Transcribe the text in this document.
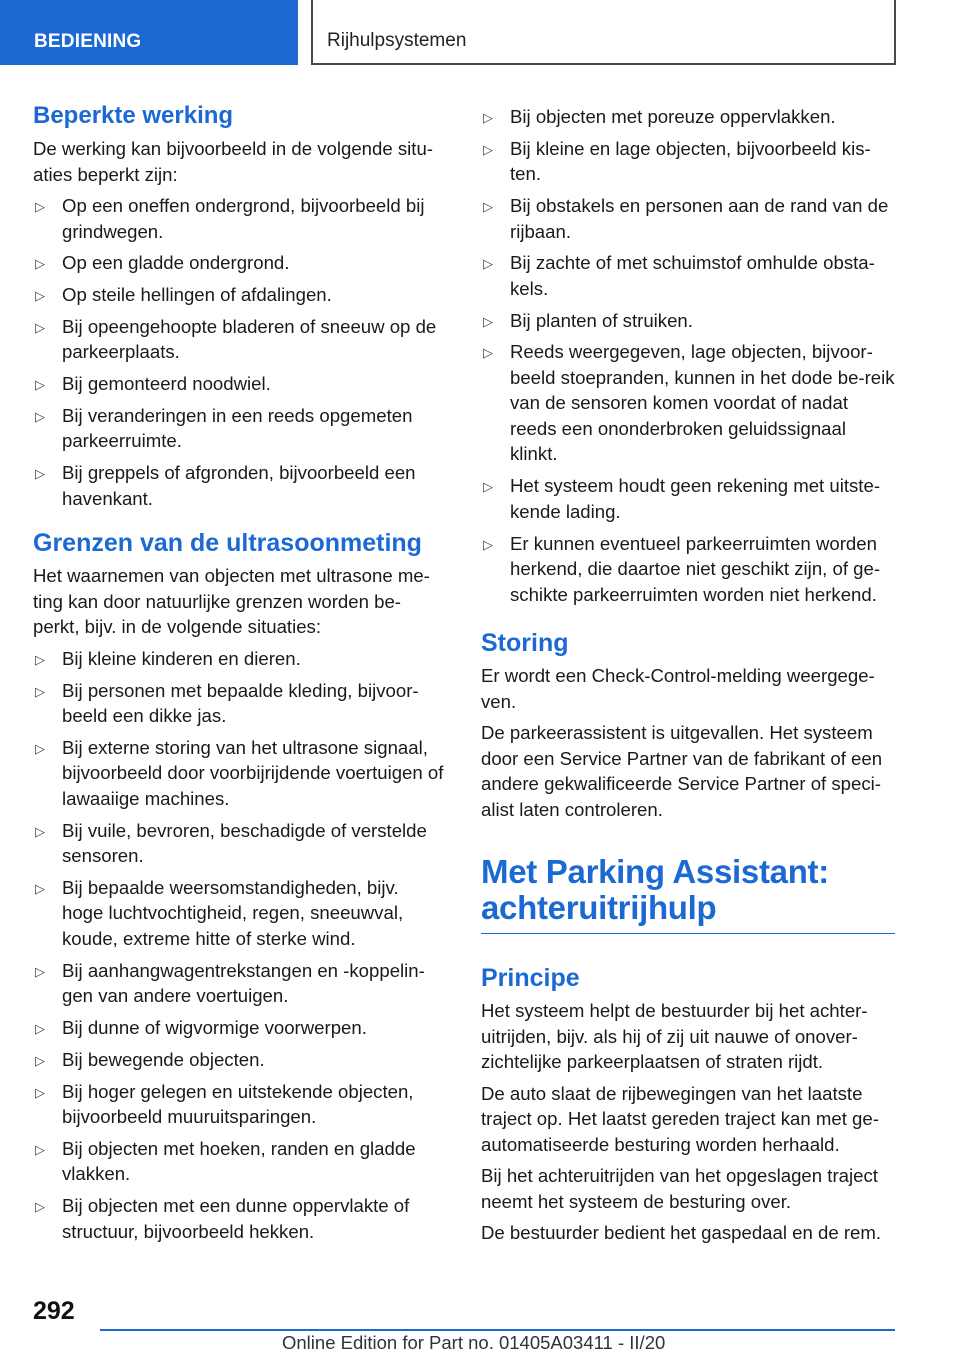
BEDIENING	Rijhulpsystemen
Beperkte werking

De werking kan bijvoorbeeld in de volgende situ‐aties beperkt zijn:

▷ Op een oneffen ondergrond, bijvoorbeeld bij grindwegen.
▷ Op een gladde ondergrond.
▷ Op steile hellingen of afdalingen.
▷ Bij opeengehoopte bladeren of sneeuw op de parkeerplaats.
▷ Bij gemonteerd noodwiel.
▷ Bij veranderingen in een reeds opgemeten parkeerruimte.
▷ Bij greppels of afgronden, bijvoorbeeld een havenkant.
Grenzen van de ultrasoonmeting

Het waarnemen van objecten met ultrasone me‐ting kan door natuurlijke grenzen worden be‐perkt, bijv. in de volgende situaties:

▷ Bij kleine kinderen en dieren.
▷ Bij personen met bepaalde kleding, bijvoor‐beeld een dikke jas.
▷ Bij externe storing van het ultrasone signaal, bijvoorbeeld door voorbijrijdende voertuigen of lawaaiige machines.
▷ Bij vuile, bevroren, beschadigde of verstelde sensoren.
▷ Bij bepaalde weersomstandigheden, bijv. hoge luchtvochtigheid, regen, sneeuwval, koude, extreme hitte of sterke wind.
▷ Bij aanhangwagentrekstangen en -koppelin‐gen van andere voertuigen.
▷ Bij dunne of wigvormige voorwerpen.
▷ Bij bewegende objecten.
▷ Bij hoger gelegen en uitstekende objecten, bijvoorbeeld muuruitsparingen.
▷ Bij objecten met hoeken, randen en gladde vlakken.
▷ Bij objecten met een dunne oppervlakte of structuur, bijvoorbeeld hekken.
▷ Bij objecten met poreuze oppervlakken.
▷ Bij kleine en lage objecten, bijvoorbeeld kis‐ten.
▷ Bij obstakels en personen aan de rand van de rijbaan.
▷ Bij zachte of met schuimstof omhulde obsta‐kels.
▷ Bij planten of struiken.
▷ Reeds weergegeven, lage objecten, bijvoor‐beeld stoepranden, kunnen in het dode be‐reik van de sensoren komen voordat of nadat reeds een ononderbroken geluidssignaal klinkt.
▷ Het systeem houdt geen rekening met uitste‐kende lading.
▷ Er kunnen eventueel parkeerruimten worden herkend, die daartoe niet geschikt zijn, of ge‐schikte parkeerruimten worden niet herkend.
Storing

Er wordt een Check-Control-melding weergege‐ven.

De parkeerassistent is uitgevallen. Het systeem door een Service Partner van de fabrikant of een andere gekwalificeerde Service Partner of speci‐alist laten controleren.

Met Parking Assistant: achteruitrijhulp
Principe

Het systeem helpt de bestuurder bij het achter‐uitrijden, bijv. als hij of zij uit nauwe of onover‐zichtelijke parkeerplaatsen of straten rijdt.

De auto slaat de rijbewegingen van het laatste traject op. Het laatst gereden traject kan met ge‐automatiseerde besturing worden herhaald.

Bij het achteruitrijden van het opgeslagen traject neemt het systeem de besturing over.

De bestuurder bedient het gaspedaal en de rem.

292
Online Edition for Part no. 01405A03411 - II/20
